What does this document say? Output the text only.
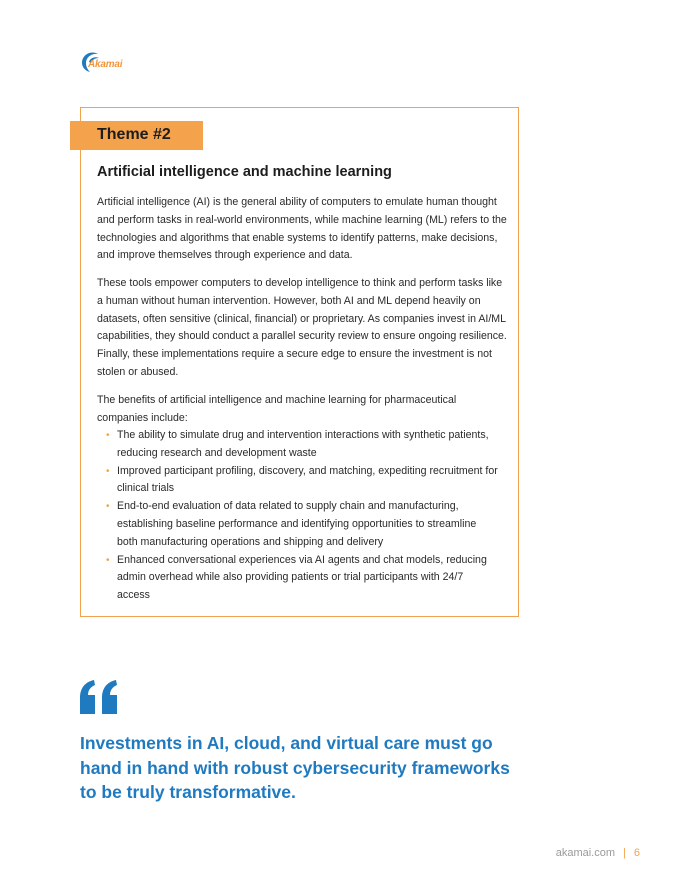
Akamai
Theme #2
Artificial intelligence and machine learning

Artificial intelligence (AI) is the general ability of computers to emulate human thought and perform tasks in real-world environments, while machine learning (ML) refers to the technologies and algorithms that enable systems to identify patterns, make decisions, and improve themselves through experience and data.

These tools empower computers to develop intelligence to think and perform tasks like a human without human intervention. However, both AI and ML depend heavily on datasets, often sensitive (clinical, financial) or proprietary. As companies invest in AI/ML capabilities, they should conduct a parallel security review to ensure ongoing resilience. Finally, these implementations require a secure edge to ensure the investment is not stolen or abused.

The benefits of artificial intelligence and machine learning for pharmaceutical companies include:

• The ability to simulate drug and intervention interactions with synthetic patients, reducing research and development waste
• Improved participant profiling, discovery, and matching, expediting recruitment for clinical trials
• End-to-end evaluation of data related to supply chain and manufacturing, establishing baseline performance and identifying opportunities to streamline both manufacturing operations and shipping and delivery
• Enhanced conversational experiences via AI agents and chat models, reducing admin overhead while also providing patients or trial participants with 24/7 access

Investments in AI, cloud, and virtual care must go hand in hand with robust cybersecurity frameworks to be truly transformative.

akamai.com | 6
